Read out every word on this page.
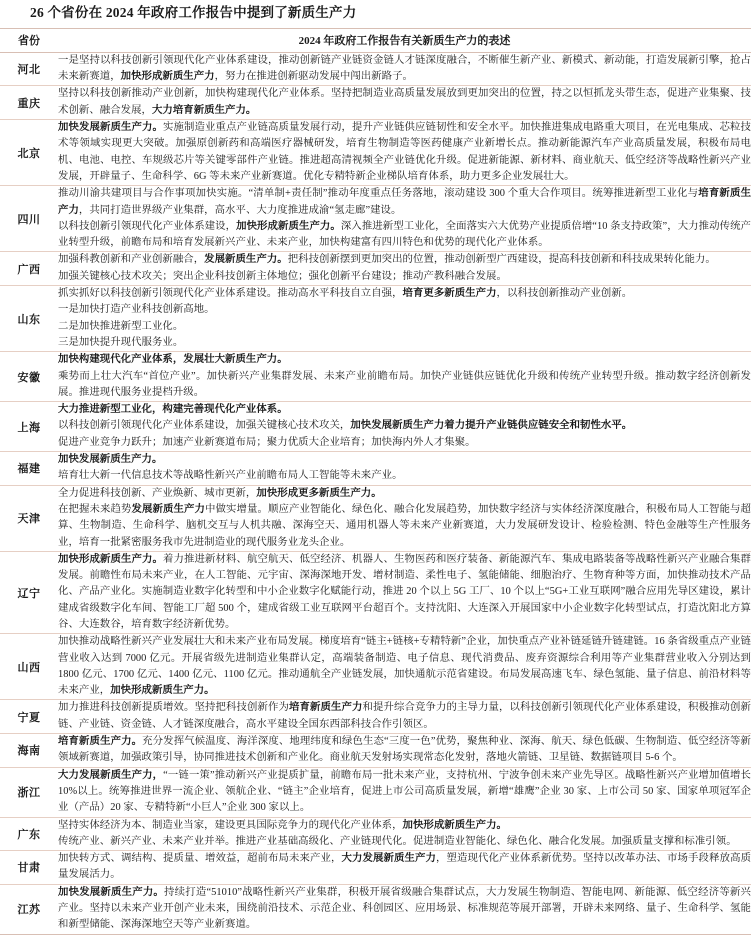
26 个省份在 2024 年政府工作报告中提到了新质生产力
省份	2024 年政府工作报告有关新质生产力的表述
河北	一是坚持以科技创新引领现代化产业体系建设，推动创新链产业链资金链人才链深度融合，不断催生新产业、新模式、新动能，打造发展新引擎，抢占未来新赛道，加快形成新质生产力，努力在推进创新驱动发展中闯出新路子。

重庆	坚持以科技创新推动产业创新，加快构建现代化产业体系。坚持把制造业高质量发展放到更加突出的位置，持之以恒抓龙头带生态，促进产业集聚、技术创新、融合发展，大力培育新质生产力。

北京	加快发展新质生产力。实施制造业重点产业链高质量发展行动，提升产业链供应链韧性和安全水平。加快推进集成电路重大项目，在光电集成、芯粒技术等领域实现更大突破。加强原创新药和高端医疗器械研发，培育生物制造等医药健康产业新增长点。推动新能源汽车产业高质量发展，积极布局电机、电池、电控、车规级芯片等关键零部件产业链。推进超高清视频全产业链优化升级。促进新能源、新材料、商业航天、低空经济等战略性新兴产业发展，开辟量子、生命科学、6G 等未来产业新赛道。优化专精特新企业梯队培育体系，助力更多企业发展壮大。

四川	推动川渝共建项目与合作事项加快实施。“清单制+责任制”推动年度重点任务落地，滚动建设 300 个重大合作项目。统筹推进新型工业化与培育新质生产力，共同打造世界级产业集群，高水平、大力度推进成渝“氢走廊”建设。

以科技创新引领现代化产业体系建设，加快形成新质生产力。深入推进新型工业化，全面落实六大优势产业提质倍增“10 条支持政策”，大力推动传统产业转型升级，前瞻布局和培育发展新兴产业、未来产业，加快构建富有四川特色和优势的现代化产业体系。

广西	加强科教创新和产业创新融合，发展新质生产力。把科技创新摆到更加突出的位置，推动创新型广西建设，提高科技创新和科技成果转化能力。

加强关键核心技术攻关；突出企业科技创新主体地位；强化创新平台建设；推动产教科融合发展。

山东	抓实抓好以科技创新引领现代化产业体系建设。推动高水平科技自立自强，培育更多新质生产力，以科技创新推动产业创新。

一是加快打造产业科技创新高地。

二是加快推进新型工业化。

三是加快提升现代服务业。

安徽	加快构建现代化产业体系，发展壮大新质生产力。

乘势而上壮大汽车“首位产业”。加快新兴产业集群发展、未来产业前瞻布局。加快产业链供应链优化升级和传统产业转型升级。推动数字经济创新发展。推进现代服务业提档升级。

上海	大力推进新型工业化，构建完善现代化产业体系。

以科技创新引领现代化产业体系建设，加强关键核心技术攻关，加快发展新质生产力着力提升产业链供应链安全和韧性水平。

促进产业竞争力跃升；加速产业新赛道布局；聚力优质大企业培育；加快海内外人才集聚。

福建	加快发展新质生产力。

培育壮大新一代信息技术等战略性新兴产业前瞻布局人工智能等未来产业。

天津	全力促进科技创新、产业焕新、城市更新，加快形成更多新质生产力。

在把握未来趋势发展新质生产力中做实增量。顺应产业智能化、绿色化、融合化发展趋势，加快数字经济与实体经济深度融合，积极布局人工智能与超算、生物制造、生命科学、脑机交互与人机共融、深海空天、通用机器人等未来产业新赛道，大力发展研发设计、检验检测、特色金融等生产性服务业，培育一批紧密服务我市先进制造业的现代服务业龙头企业。

辽宁	加快形成新质生产力。着力推进新材料、航空航天、低空经济、机器人、生物医药和医疗装备、新能源汽车、集成电路装备等战略性新兴产业融合集群发展。前瞻性布局未来产业，在人工智能、元宇宙、深海深地开发、增材制造、柔性电子、氢能储能、细胞治疗、生物育种等方面，加快推动技术产品化、产品产业化。实施制造业数字化转型和中小企业数字化赋能行动，推进 20 个以上 5G 工厂、10 个以上“5G+工业互联网”融合应用先导区建设，累计建成省级数字化车间、智能工厂超 500 个，建成省级工业互联网平台超百个。支持沈阳、大连深入开展国家中小企业数字化转型试点，打造沈阳北方算谷、大连数谷，培育数字经济新优势。

山西	加快推动战略性新兴产业发展壮大和未来产业布局发展。梯度培育“链主+链核+专精特新”企业，加快重点产业补链延链升链建链。16 条省级重点产业链营业收入达到 7000 亿元。开展省级先进制造业集群认定，高端装备制造、电子信息、现代消费品、废弃资源综合利用等产业集群营业收入分别达到 1800 亿元、1700 亿元、1400 亿元、1100 亿元。推动通航全产业链发展，加快通航示范省建设。布局发展高速飞车、绿色氢能、量子信息、前沿材料等未来产业，加快形成新质生产力。

宁夏	加力推进科技创新提质增效。坚持把科技创新作为培育新质生产力和提升综合竞争力的主导力量，以科技创新引领现代化产业体系建设，积极推动创新链、产业链、资金链、人才链深度融合，高水平建设全国东西部科技合作引领区。

海南	培育新质生产力。充分发挥气候温度、海洋深度、地理纬度和绿色生态“三度一色”优势，聚焦种业、深海、航天、绿色低碳、生物制造、低空经济等新领域新赛道，加强政策引导，协同推进技术创新和产业化。商业航天发射场实现常态化发射，落地火箭链、卫星链、数据链项目 5-6 个。

浙江	大力发展新质生产力，“一链一策”推动新兴产业提质扩量，前瞻布局一批未来产业，支持杭州、宁波争创未来产业先导区。战略性新兴产业增加值增长 10%以上。统筹推进世界一流企业、领航企业、“链主”企业培育，促进上市公司高质量发展，新增“雄鹰”企业 30 家、上市公司 50 家、国家单项冠军企业（产品）20 家、专精特新“小巨人”企业 300 家以上。

广东	坚持实体经济为本、制造业当家，建设更具国际竞争力的现代化产业体系，加快形成新质生产力。

传统产业、新兴产业、未来产业并举。推进产业基础高级化、产业链现代化。促进制造业智能化、绿色化、融合化发展。加强质量支撑和标准引领。

甘肃	加快转方式、调结构、提质量、增效益，超前布局未来产业，大力发展新质生产力，塑造现代化产业体系新优势。坚持以改革办法、市场手段释放高质量发展活力。

江苏	加快发展新质生产力。持续打造“51010”战略性新兴产业集群，积极开展省级融合集群试点，大力发展生物制造、智能电网、新能源、低空经济等新兴产业。坚持以未来产业开创产业未来，围绕前沿技术、示范企业、科创园区、应用场景、标准规范等展开部署，开辟未来网络、量子、生命科学、氢能和新型储能、深海深地空天等产业新赛道。
